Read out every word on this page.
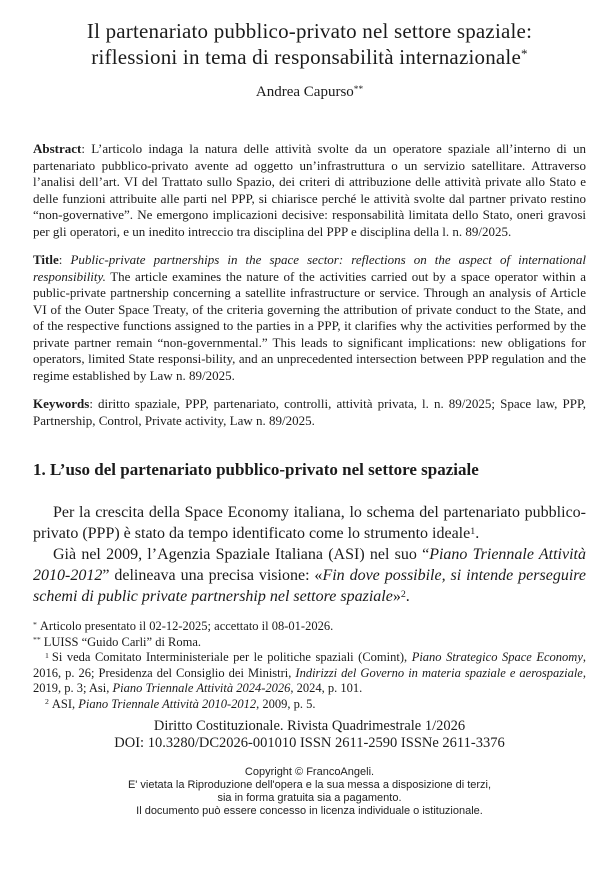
Il partenariato pubblico-privato nel settore spaziale:
riflessioni in tema di responsabilità internazionale*
Andrea Capurso**

Abstract: L’articolo indaga la natura delle attività svolte da un operatore spaziale all’interno di un partenariato pubblico-privato avente ad oggetto un’infrastruttura o un servizio satellitare. Attraverso l’analisi dell’art. VI del Trattato sullo Spazio, dei criteri di attribuzione delle attività private allo Stato e delle funzioni attribuite alle parti nel PPP, si chiarisce perché le attività svolte dal partner privato restino “non-governative”. Ne emergono implicazioni decisive: responsabilità limitata dello Stato, oneri gravosi per gli operatori, e un inedito intreccio tra disciplina del PPP e disciplina della l. n. 89/2025.

Title: Public-private partnerships in the space sector: reflections on the aspect of international responsibility. The article examines the nature of the activities carried out by a space operator within a public-private partnership concerning a satellite infrastructure or service. Through an analysis of Article VI of the Outer Space Treaty, of the criteria governing the attribution of private conduct to the State, and of the respective functions assigned to the parties in a PPP, it clarifies why the activities performed by the private partner remain “non-governmental.” This leads to significant implications: new obligations for operators, limited State responsi-bility, and an unprecedented intersection between PPP regulation and the regime established by Law n. 89/2025.

Keywords: diritto spaziale, PPP, partenariato, controlli, attività privata, l. n. 89/2025; Space law, PPP, Partnership, Control, Private activity, Law n. 89/2025.

1. L’uso del partenariato pubblico-privato nel settore spaziale

Per la crescita della Space Economy italiana, lo schema del partenariato pubblico-privato (PPP) è stato da tempo identificato come lo strumento ideale$^1$.

Già nel 2009, l’Agenzia Spaziale Italiana (ASI) nel suo “Piano Triennale Attività 2010-2012” delineava una precisa visione: «Fin dove possibile, si intende perseguire schemi di public private partnership nel settore spaziale»$^2$.

* Articolo presentato il 02-12-2025; accettato il 08-01-2026.

** LUISS “Guido Carli” di Roma.

$^1$ Si veda Comitato Interministeriale per le politiche spaziali (Comint), Piano Strategico Space Economy, 2016, p. 26; Presidenza del Consiglio dei Ministri, Indirizzi del Governo in materia spaziale e aerospaziale, 2019, p. 3; Asi, Piano Triennale Attività 2024-2026, 2024, p. 101.

$^2$ ASI, Piano Triennale Attività 2010-2012, 2009, p. 5.

Diritto Costituzionale. Rivista Quadrimestrale 1/2026
DOI: 10.3280/DC2026-001010 ISSN 2611-2590 ISSNe 2611-3376
Copyright © FrancoAngeli.
E' vietata la Riproduzione dell'opera e la sua messa a disposizione di terzi,
sia in forma gratuita sia a pagamento.
Il documento può essere concesso in licenza individuale o istituzionale.
